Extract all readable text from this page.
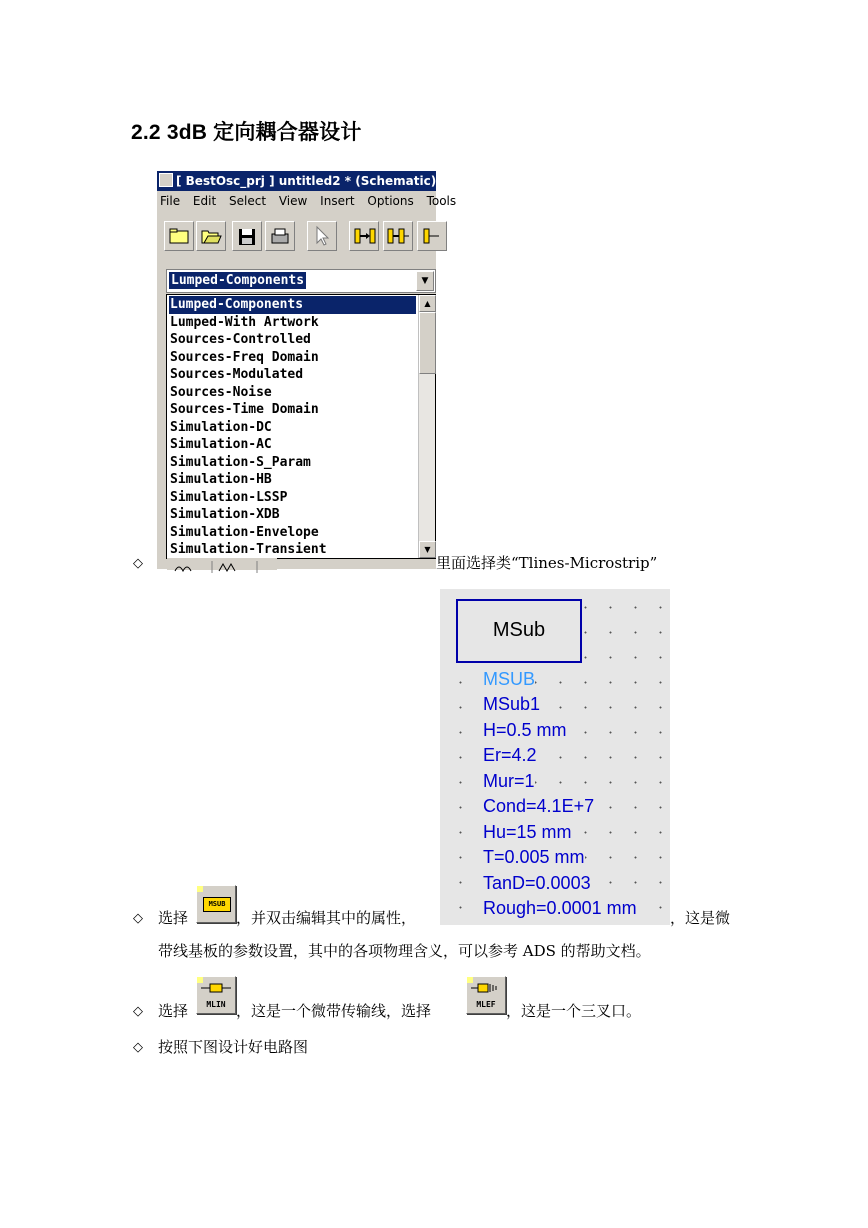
2.2 3dB 定向耦合器设计
[ BestOsc_prj ] untitled2 * (Schematic):2
File Edit Select View Insert Options Tools
Lumped-Components	▼
Lumped-Components
Lumped-With Artwork
Sources-Controlled
Sources-Freq Domain
Sources-Modulated
Sources-Noise
Sources-Time Domain
Simulation-DC
Simulation-AC
Simulation-S_Param
Simulation-HB
Simulation-LSSP
Simulation-XDB
Simulation-Envelope
Simulation-Transient
▲
▼
◇	里面选择类“Tlines-Microstrip”
MSub
MSUB
MSub1
H=0.5 mm
Er=4.2
Mur=1
Cond=4.1E+7
Hu=15 mm
T=0.005 mm
TanD=0.0003
Rough=0.0001 mm
◇ 选择
MSUB
，并双击编辑其中的属性，	，这是微
带线基板的参数设置，其中的各项物理含义，可以参考 ADS 的帮助文档。
◇ 选择	MLIN ，这是一个微带传输线，选择	MLEF ，这是一个三叉口。
◇ 按照下图设计好电路图
